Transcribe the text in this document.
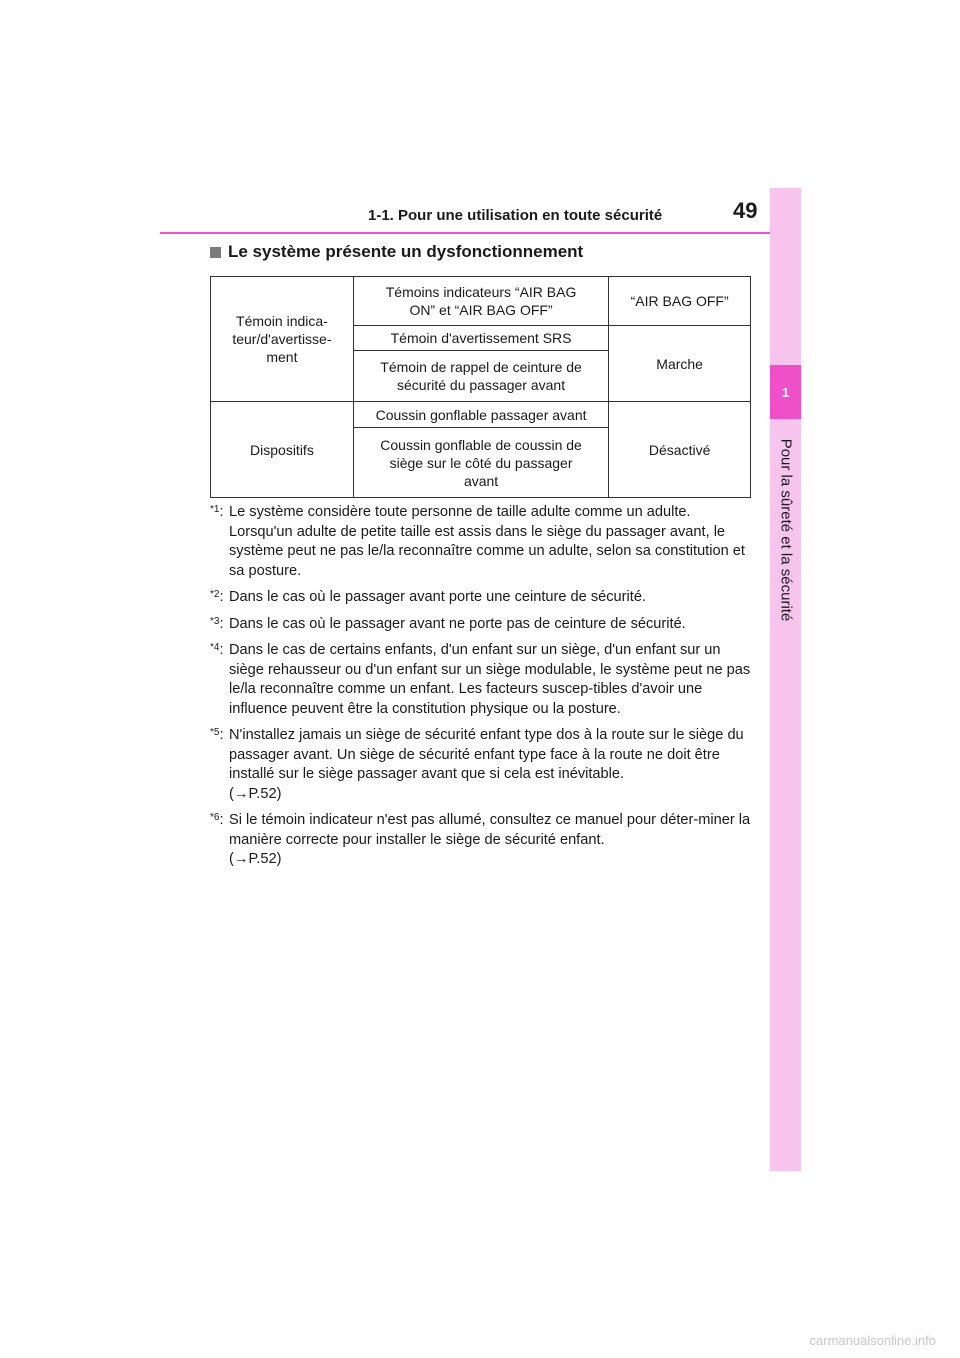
1
Pour la sûreté et la sécurité
1-1. Pour une utilisation en toute sécurité	49
Le système présente un dysfonctionnement
Témoin indica-
teur/d'avertisse-
ment	Témoins indicateurs “AIR BAG
ON” et “AIR BAG OFF”	“AIR BAG OFF”
	Témoin d'avertissement SRS	Marche
	Témoin de rappel de ceinture de
sécurité du passager avant	
Dispositifs	Coussin gonflable passager avant	Désactivé
	Coussin gonflable de coussin de
siège sur le côté du passager
avant	
$^{*1}$: Le système considère toute personne de taille adulte comme un adulte. Lorsqu'un adulte de petite taille est assis dans le siège du passager avant, le système peut ne pas le/la reconnaître comme un adulte, selon sa constitution et sa posture.
$^{*2}$: Dans le cas où le passager avant porte une ceinture de sécurité.
$^{*3}$: Dans le cas où le passager avant ne porte pas de ceinture de sécurité.
$^{*4}$: Dans le cas de certains enfants, d'un enfant sur un siège, d'un enfant sur un siège rehausseur ou d'un enfant sur un siège modulable, le système peut ne pas le/la reconnaître comme un enfant. Les facteurs suscep-tibles d'avoir une influence peuvent être la constitution physique ou la posture.
$^{*5}$: N'installez jamais un siège de sécurité enfant type dos à la route sur le siège du passager avant. Un siège de sécurité enfant type face à la route ne doit être installé sur le siège passager avant que si cela est inévitable.
(→P.52)
$^{*6}$: Si le témoin indicateur n'est pas allumé, consultez ce manuel pour déter-miner la manière correcte pour installer le siège de sécurité enfant.
(→P.52)
carmanualsonline.info
